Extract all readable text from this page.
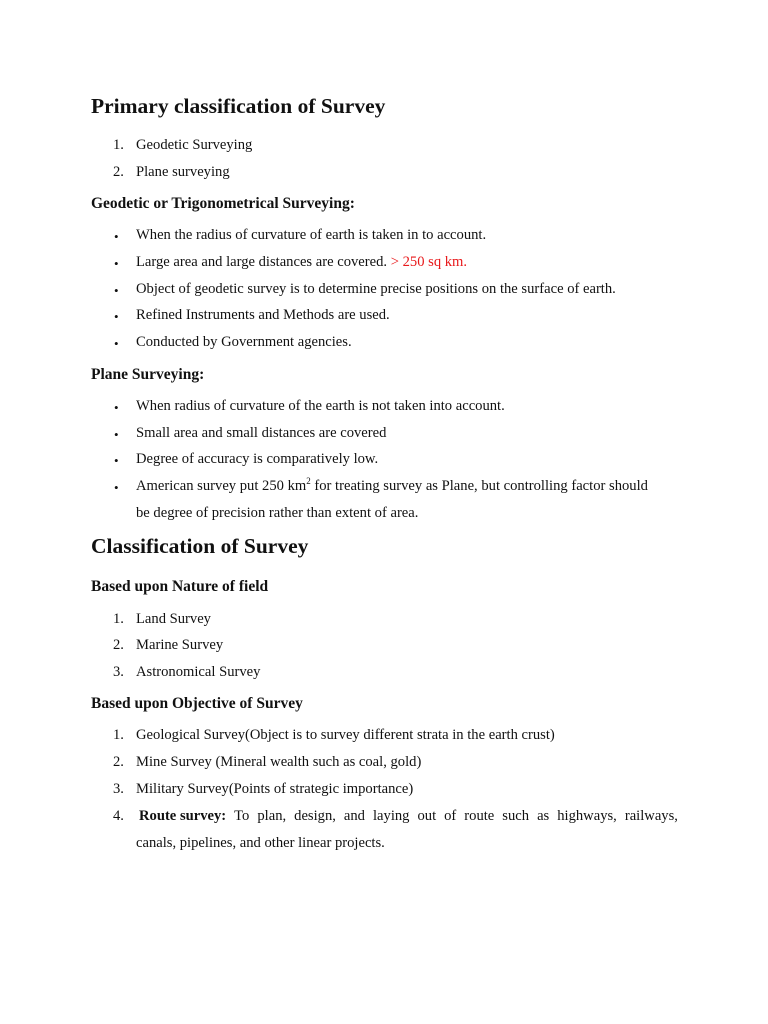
Primary classification of Survey
1. Geodetic Surveying
2. Plane surveying
Geodetic or Trigonometrical Surveying:
• When the radius of curvature of earth is taken in to account.
• Large area and large distances are covered. > 250 sq km.
• Object of geodetic survey is to determine precise positions on the surface of earth.
• Refined Instruments and Methods are used.
• Conducted by Government agencies.
Plane Surveying:
• When radius of curvature of the earth is not taken into account.
• Small area and small distances are covered
• Degree of accuracy is comparatively low.
• American survey put 250 $km^2$ for treating survey as Plane, but controlling factor should
be degree of precision rather than extent of area.
Classification of Survey
Based upon Nature of field
1. Land Survey
2. Marine Survey
3. Astronomical Survey
Based upon Objective of Survey
1. Geological Survey(Object is to survey different strata in the earth crust)
2. Mine Survey (Mineral wealth such as coal, gold)
3. Military Survey(Points of strategic importance)
4. Route survey: To plan, design, and laying out of route such as highways, railways,
canals, pipelines, and other linear projects.
